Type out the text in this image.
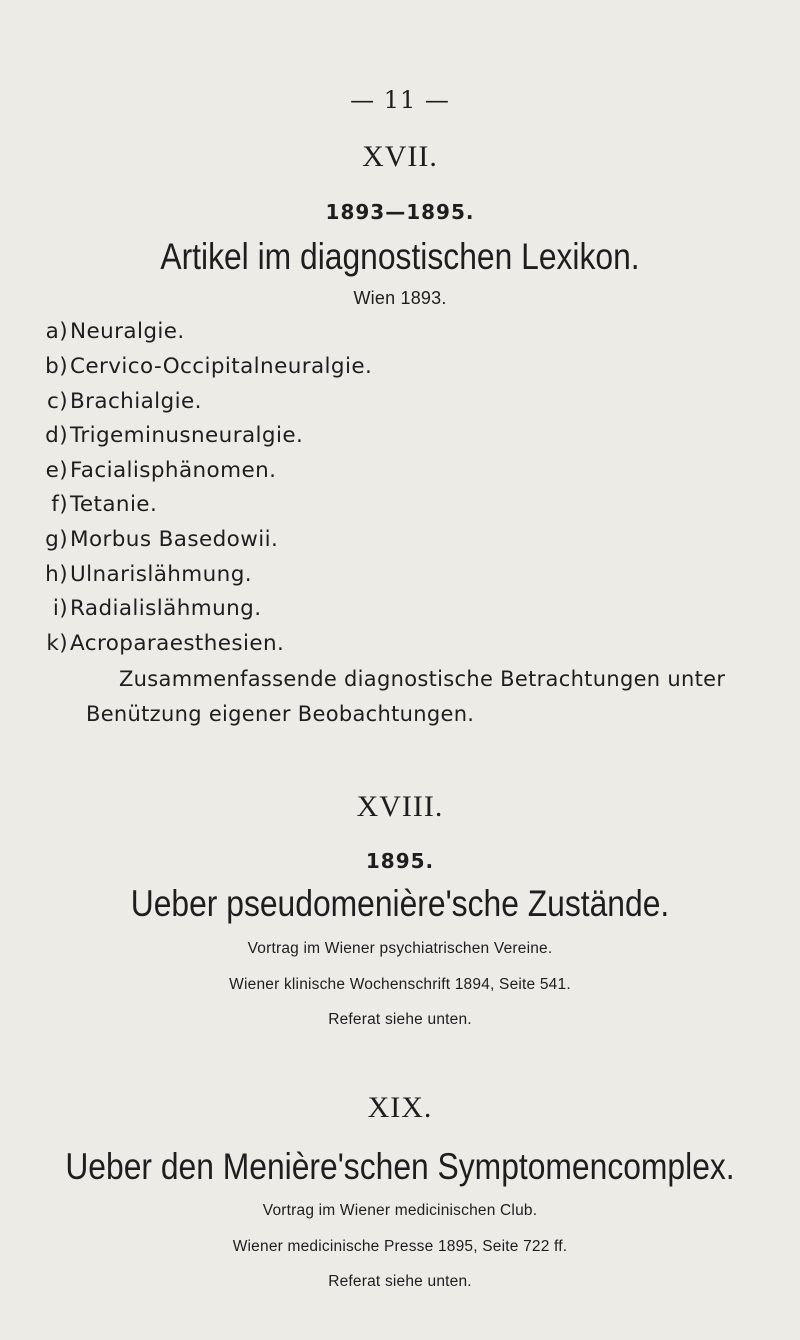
— 11 —
XVII.
1893—1895.
Artikel im diagnostischen Lexikon.
Wien 1893.
a) Neuralgie.
b) Cervico-Occipitalneuralgie.
c) Brachialgie.
d) Trigeminusneuralgie.
e) Facialisphänomen.
f) Tetanie.
g) Morbus Basedowii.
h) Ulnarislähmung.
i) Radialislähmung.
k) Acroparaesthesien.
Zusammenfassende diagnostische Betrachtungen unter
Benützung eigener Beobachtungen.
XVIII.
1895.
Ueber pseudomenière'sche Zustände.
Vortrag im Wiener psychiatrischen Vereine.
Wiener klinische Wochenschrift 1894, Seite 541.
Referat siehe unten.
XIX.
Ueber den Menière'schen Symptomencomplex.
Vortrag im Wiener medicinischen Club.
Wiener medicinische Presse 1895, Seite 722 ff.
Referat siehe unten.
